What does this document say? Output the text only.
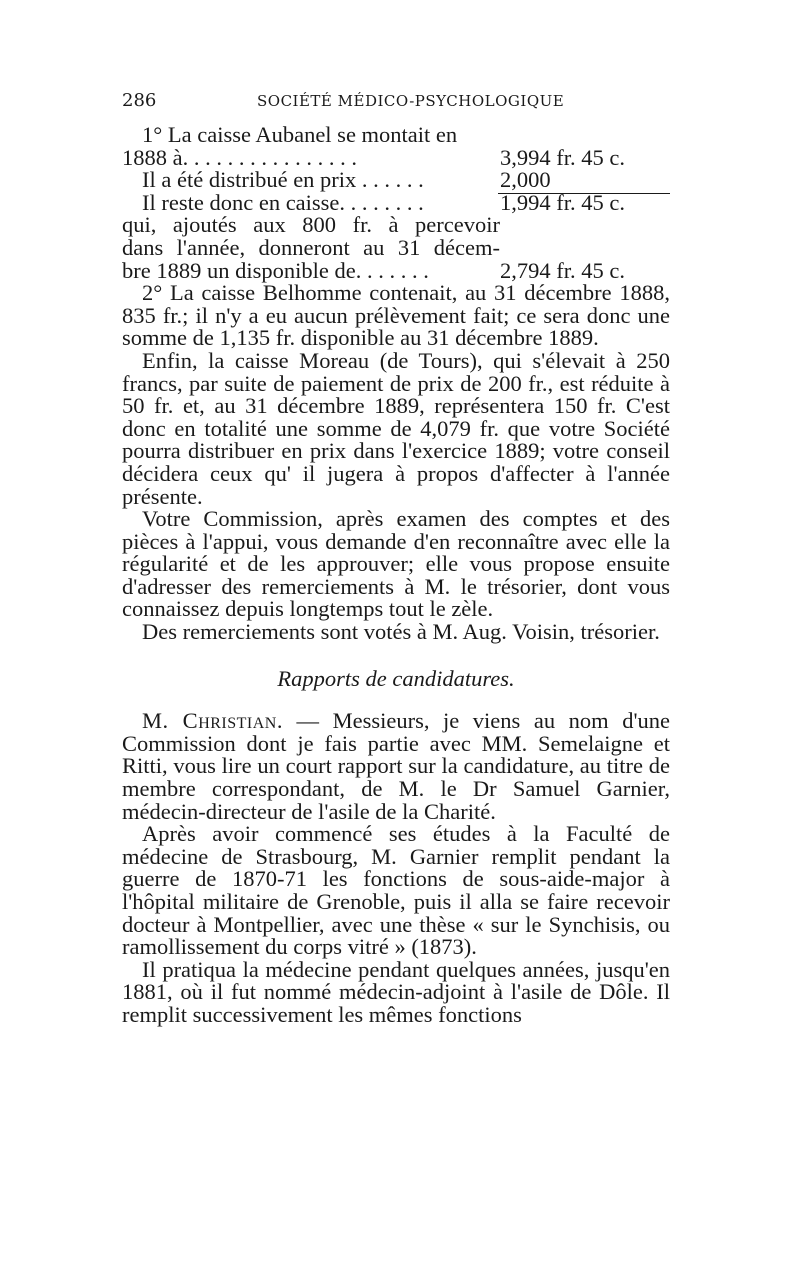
286	SOCIÉTÉ MÉDICO-PSYCHOLOGIQUE
1° La caisse Aubanel se montait en
1888 à. . . . . . . . . . . . . . . .	3,994 fr. 45 c.
Il a été distribué en prix . . . . . .	2,000
Il reste donc en caisse. . . . . . . .	1,994 fr. 45 c.
qui, ajoutés aux 800 fr. à percevoir
dans l'année, donneront au 31 décem-
bre 1889 un disponible de. . . . . . .	2,794 fr. 45 c.

2° La caisse Belhomme contenait, au 31 décembre 1888, 835 fr.; il n'y a eu aucun prélèvement fait; ce sera donc une somme de 1,135 fr. disponible au 31 décembre 1889.

Enfin, la caisse Moreau (de Tours), qui s'élevait à 250 francs, par suite de paiement de prix de 200 fr., est réduite à 50 fr. et, au 31 décembre 1889, représentera 150 fr. C'est donc en totalité une somme de 4,079 fr. que votre Société pourra distribuer en prix dans l'exercice 1889; votre conseil décidera ceux qu' il jugera à propos d'affecter à l'année présente.

Votre Commission, après examen des comptes et des pièces à l'appui, vous demande d'en reconnaître avec elle la régularité et de les approuver; elle vous propose ensuite d'adresser des remerciements à M. le trésorier, dont vous connaissez depuis longtemps tout le zèle.

Des remerciements sont votés à M. Aug. Voisin, trésorier.

Rapports de candidatures.

M. Christian. — Messieurs, je viens au nom d'une Commission dont je fais partie avec MM. Semelaigne et Ritti, vous lire un court rapport sur la candidature, au titre de membre correspondant, de M. le Dr Samuel Garnier, médecin-directeur de l'asile de la Charité.

Après avoir commencé ses études à la Faculté de médecine de Strasbourg, M. Garnier remplit pendant la guerre de 1870-71 les fonctions de sous-aide-major à l'hôpital militaire de Grenoble, puis il alla se faire recevoir docteur à Montpellier, avec une thèse « sur le Synchisis, ou ramollissement du corps vitré » (1873).

Il pratiqua la médecine pendant quelques années, jusqu'en 1881, où il fut nommé médecin-adjoint à l'asile de Dôle. Il remplit successivement les mêmes fonctions
